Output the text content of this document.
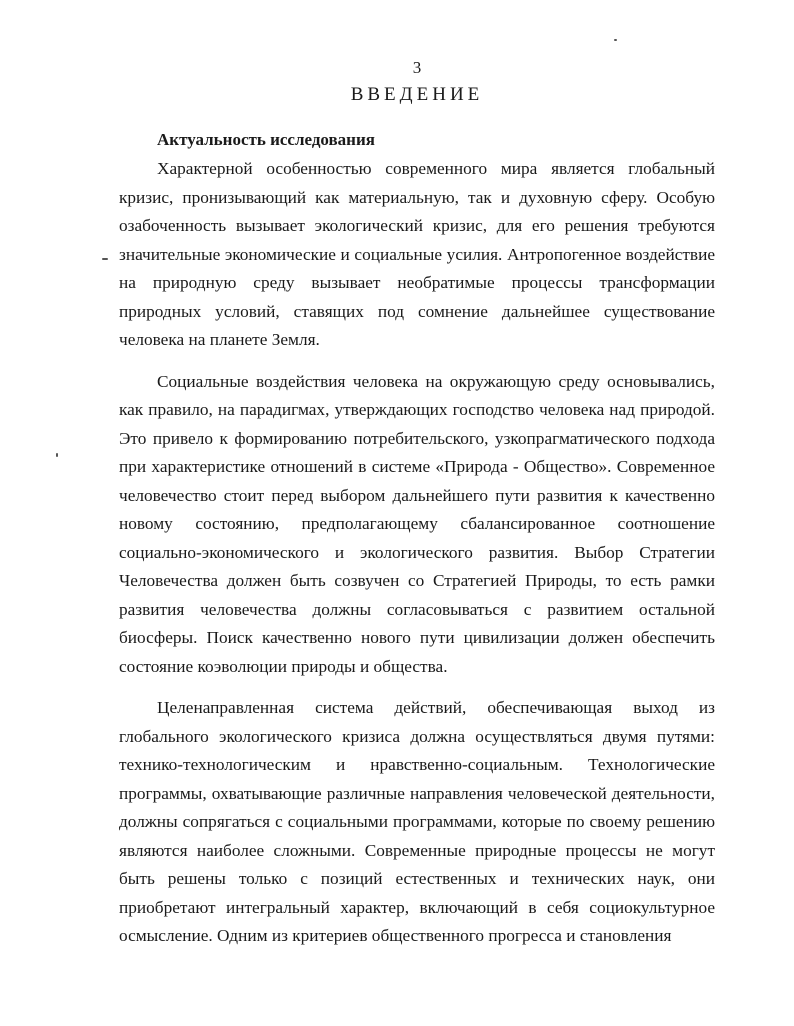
3
ВВЕДЕНИЕ
Актуальность исследования

Характерной особенностью современного мира является глобальный кризис, пронизывающий как материальную, так и духовную сферу. Особую озабоченность вызывает экологический кризис, для его решения требуются значительные экономические и социальные усилия. Антропогенное воздействие на природную среду вызывает необратимые процессы трансформации природных условий, ставящих под сомнение дальнейшее существование человека на планете Земля.

Социальные воздействия человека на окружающую среду основывались, как правило, на парадигмах, утверждающих господство человека над природой. Это привело к формированию потребительского, узкопрагматического подхода при характеристике отношений в системе «Природа - Общество». Современное человечество стоит перед выбором дальнейшего пути развития к качественно новому состоянию, предполагающему сбалансированное соотношение социально-экономического и экологического развития. Выбор Стратегии Человечества должен быть созвучен со Стратегией Природы, то есть рамки развития человечества должны согласовываться с развитием остальной биосферы. Поиск качественно нового пути цивилизации должен обеспечить состояние коэволюции природы и общества.

Целенаправленная система действий, обеспечивающая выход из глобального экологического кризиса должна осуществляться двумя путями: технико-технологическим и нравственно-социальным. Технологические программы, охватывающие различные направления человеческой деятельности, должны сопрягаться с социальными программами, которые по своему решению являются наиболее сложными. Современные природные процессы не могут быть решены только с позиций естественных и технических наук, они приобретают интегральный характер, включающий в себя социокультурное осмысление. Одним из критериев общественного прогресса и становления
